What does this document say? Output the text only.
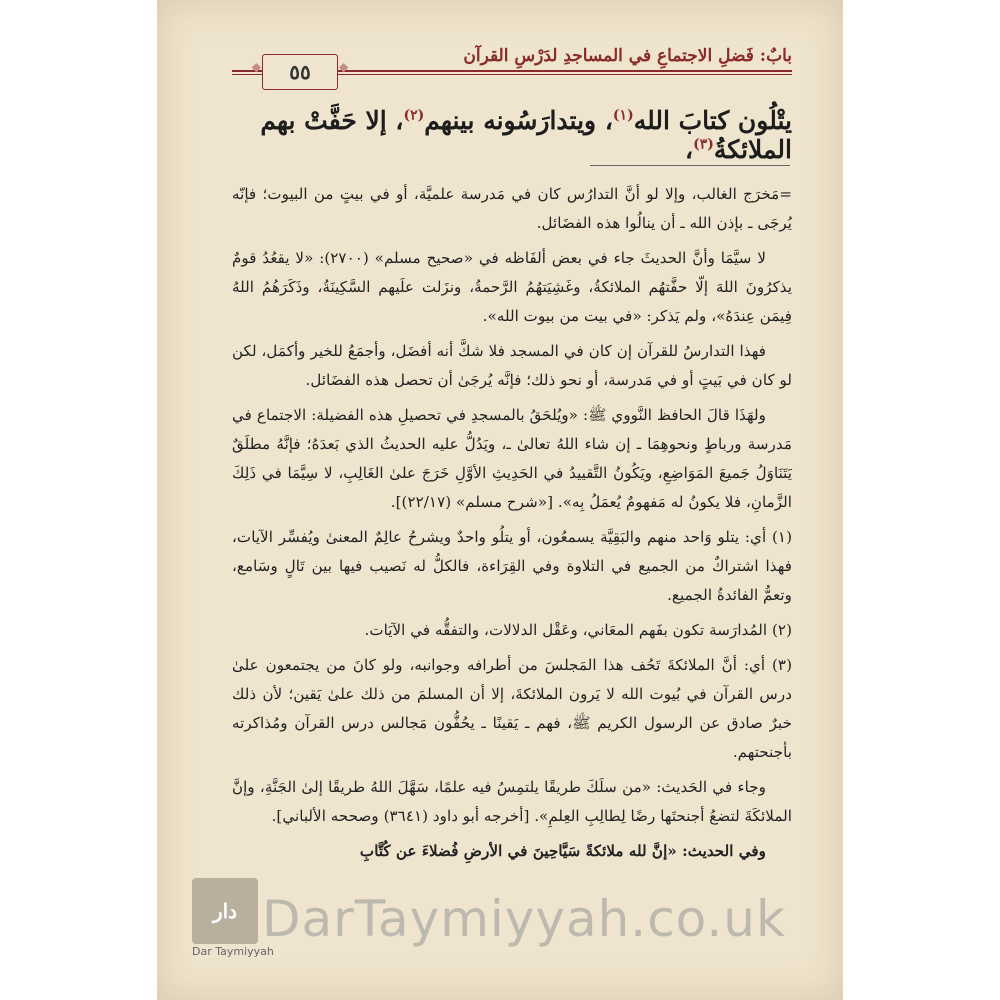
بابٌ: فَضلِ الاجتماعِ في المساجدِ لدَرْسِ القرآن
❖ ٥٥ ❖
يتْلُون كتابَ الله$^{(١)}$، ويتدارَسُونه بينهم$^{(٢)}$، إلا حَفَّتْ بهم الملائكةُ$^{(٣)}$،

=مَخرَج الغالب، وإلا لو أنَّ التدارُس كان في مَدرسة علميَّة، أو في بيتٍ من البيوت؛ فإنّه يُرجَى ـ بإذن الله ـ أن ينالُوا هذه الفضَائل.

لا سيَّمَا وأنَّ الحديثَ جاء في بعض ألفَاظه في «صحيح مسلم» (٢٧٠٠): «لا يقعُدُ قومٌ يذكرُونَ اللهَ إلّا حفَّتهُم الملائكةُ، وغَشِيَتهُمُ الرَّحمةُ، ونزَلت علَيهم السَّكِينَةُ، وذَكَرَهُمُ اللهُ فِيمَن عِندَهُ»، ولم يَذكر: «في بيت من بيوت الله».

فهذا التدارسُ للقرآن إن كان في المسجد فلا شكَّ أنه أفضَل، وأجمَعُ للخير وأكمَل، لكن لو كان في بَيتٍ أو في مَدرسة، أو نحو ذلك؛ فإنَّه يُرجَىٰ أن تحصل هذه الفضَائل.

ولهَذَا قالَ الحافظ النَّووي ﷺ: «ويُلحَقُ بالمسجدِ في تحصيلِ هذه الفضيلة: الاجتماع في مَدرسة ورباطٍ ونحوهِمَا ـ إن شاء اللهُ تعالىٰ ـ، ويَدُلُّ عليه الحديثُ الذي بَعدَهُ؛ فإنَّهُ مطلَقٌ يَتَنَاوَلُ جَميعَ المَوَاضِعِ، ويَكُونُ التَّقييدُ في الحَدِيثِ الأوَّلِ خَرَجَ علىٰ الغَالِبِ، لا سِيَّمَا في ذَلِكَ الزَّمانِ، فلا يكونُ له مَفهومٌ يُعمَلُ بِه». [«شرح مسلم» (٢٢/١٧)].

(١) أي: يتلو وَاحد منهم والبَقِيَّة يسمعُون، أو يتلُو واحدٌ ويشرحُ عالِمٌ المعنىٰ ويُفسِّر الآيات، فهذا اشتراكٌ من الجميع في التلاوة وفي القِرَاءة، فالكلُّ له نَصيب فيها بين تَالٍ وسَامع، وتعمُّ الفائدةُ الجميع.

(٢) المُدارَسة تكون بفَهم المعَاني، وعَقْل الدلالات، والتفقُّه في الآيَات.

(٣) أي: أنَّ الملائكةَ تَحُف هذا المَجلسَ من أطرافه وجوانبه، ولو كانَ من يجتمعون علىٰ درس القرآن في بُيوت الله لا يَرون الملائكةَ، إلا أن المسلمَ من ذلك علىٰ يَقين؛ لأن ذلك خبرٌ صادق عن الرسول الكريم ﷺ، فهم ـ يَقينًا ـ يحُفُّون مَجالس درس القرآن ومُذاكرته بأجنحتهم.

وجاء في الحَديث: «من سلَكَ طريقًا يلتمِسُ فيه علمًا، سَهَّلَ اللهُ طريقًا إلىٰ الجَنَّةِ، وإنَّ الملائكَةَ لتضعُ أجنحتَها رضًا لِطالِبِ العِلمِ». [أخرجه أبو داود (٣٦٤١) وصححه الألباني].

وفي الحديث: «إنَّ لله ملائكةً سَيَّاحِينَ في الأرضِ فُضلاءَ عن كُتَّابِ

دار DarTaymiyyah.co.uk
Dar Taymiyyah
